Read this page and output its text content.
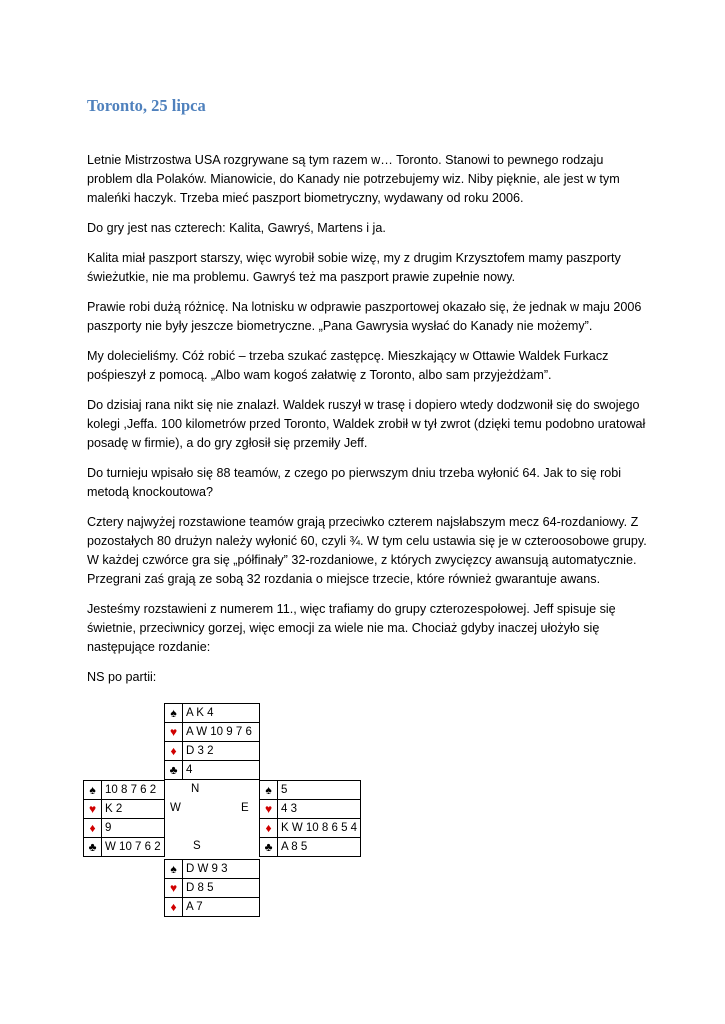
Toronto, 25 lipca

Letnie Mistrzostwa USA rozgrywane są tym razem w… Toronto. Stanowi to pewnego rodzaju problem dla Polaków. Mianowicie, do Kanady nie potrzebujemy wiz. Niby pięknie, ale jest w tym maleńki haczyk. Trzeba mieć paszport biometryczny, wydawany od roku 2006.

Do gry jest nas czterech: Kalita, Gawryś, Martens i ja.

Kalita miał paszport starszy, więc wyrobił sobie wizę, my z drugim Krzysztofem mamy paszporty świeżutkie, nie ma problemu. Gawryś też ma paszport prawie zupełnie nowy.

Prawie robi dużą różnicę. Na lotnisku w odprawie paszportowej okazało się, że jednak w maju 2006 paszporty nie były jeszcze biometryczne. „Pana Gawrysia wysłać do Kanady nie możemy”.

My dolecieliśmy. Cóż robić – trzeba szukać zastępcę. Mieszkający w Ottawie Waldek Furkacz pośpieszył z pomocą. „Albo wam kogoś załatwię z Toronto, albo sam przyjeżdżam”.

Do dzisiaj rana nikt się nie znalazł. Waldek ruszył w trasę i dopiero wtedy dodzwonił się do swojego kolegi ,Jeffa. 100 kilometrów przed Toronto, Waldek zrobił w tył zwrot (dzięki temu podobno uratował posadę w firmie), a do gry zgłosił się przemiły Jeff.

Do turnieju wpisało się 88 teamów, z czego po pierwszym dniu trzeba wyłonić 64. Jak to się robi metodą knockoutowa?

Cztery najwyżej rozstawione teamów grają przeciwko czterem najsłabszym mecz 64-rozdaniowy. Z pozostałych 80 drużyn należy wyłonić 60, czyli ¾. W tym celu ustawia się je w czteroosobowe grupy. W każdej czwórce gra się „półfinały” 32-rozdaniowe, z których zwycięzcy awansują automatycznie. Przegrani zaś grają ze sobą 32 rozdania o miejsce trzecie, które również gwarantuje awans.

Jesteśmy rozstawieni z numerem 11., więc trafiamy do grupy czterozespołowej. Jeff spisuje się świetnie, przeciwnicy gorzej, więc emocji za wiele nie ma. Chociaż gdyby inaczej ułożyło się następujące rozdanie:

NS po partii:

♠ A K 4
♥ A W 10 9 7 6
♦ D 3 2
♣ 4
♠ 10 8 7 6 2
♥ K 2
♦ 9
♣ W 10 7 6 2
N
W	E
S
♠ 5
♥ 4 3
♦ K W 10 8 6 5 4
♣ A 8 5
♠ D W 9 3
♥ D 8 5
♦ A 7
